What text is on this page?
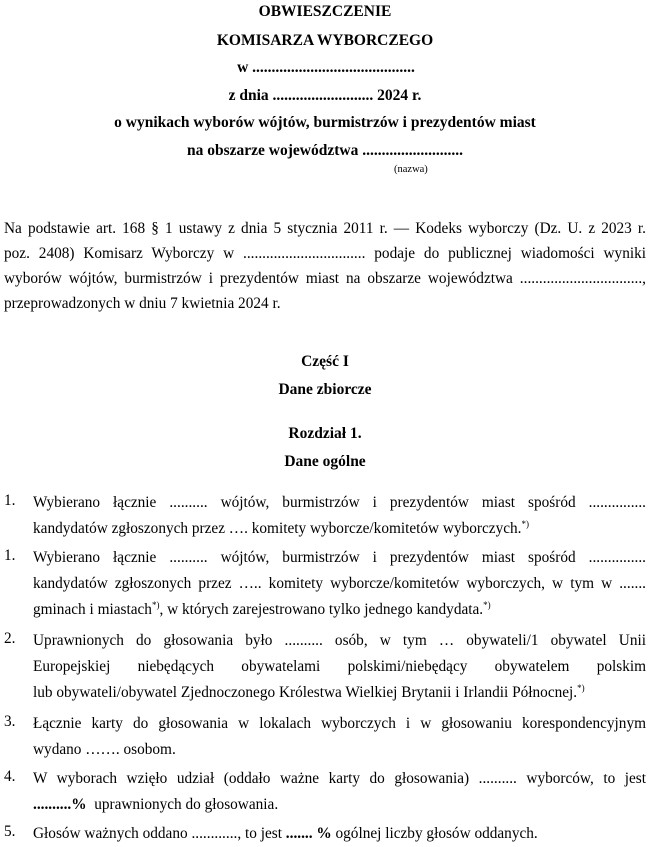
OBWIESZCZENIE
KOMISARZA WYBORCZEGO
w ..........................................
z dnia .......................... 2024 r.
o wynikach wyborów wójtów, burmistrzów i prezydentów miast
na obszarze województwa ..........................
(nazwa)
Na podstawie art. 168 § 1 ustawy z dnia 5 stycznia 2011 r. — Kodeks wyborczy (Dz. U. z 2023 r.
poz. 2408) Komisarz Wyborczy w ................................ podaje do publicznej wiadomości wyniki
wyborów wójtów, burmistrzów i prezydentów miast na obszarze województwa ................................,
przeprowadzonych w dniu 7 kwietnia 2024 r.
Część I
Dane zbiorcze
Rozdział 1.
Dane ogólne
1.	Wybierano łącznie .......... wójtów, burmistrzów i prezydentów miast spośród ...............
kandydatów zgłoszonych przez …. komitety wyborcze/komitetów wyborczych.*)
1.	Wybierano łącznie .......... wójtów, burmistrzów i prezydentów miast spośród ...............
kandydatów zgłoszonych przez ….. komitety wyborcze/komitetów wyborczych, w tym w .......
gminach i miastach*), w których zarejestrowano tylko jednego kandydata.*)
2.	Uprawnionych do głosowania było .......... osób, w tym … obywateli/1 obywatel Unii
Europejskiej niebędących obywatelami polskimi/niebędący obywatelem polskim
lub obywateli/obywatel Zjednoczonego Królestwa Wielkiej Brytanii i Irlandii Północnej.*)
3.	Łącznie karty do głosowania w lokalach wyborczych i w głosowaniu korespondencyjnym
wydano ……. osobom.
4.	W wyborach wzięło udział (oddało ważne karty do głosowania) .......... wyborców, to jest
..........%  uprawnionych do głosowania.
5.	Głosów ważnych oddano ............, to jest ....... % ogólnej liczby głosów oddanych.
